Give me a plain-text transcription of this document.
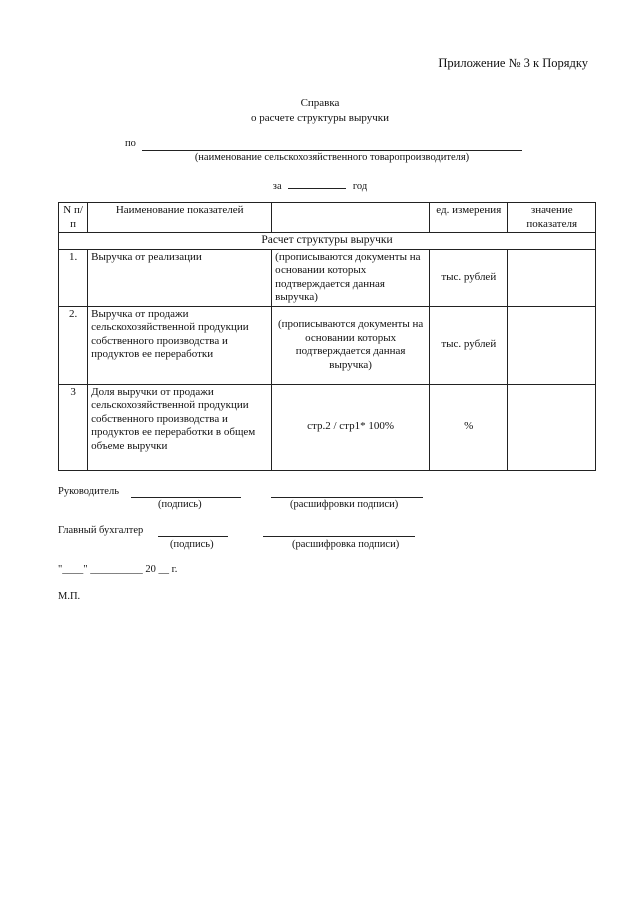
Приложение № 3 к Порядку
Справка
о расчете структуры выручки
по
(наименование сельскохозяйственного товаропроизводителя)
за	год
N п/п	Наименование показателей		ед. измерения	значение показателя
Расчет структуры выручки				
1.	Выручка от реализации	(прописываются документы на основании которых подтверждается данная выручка)	тыс. рублей	
2.	Выручка от продажи сельскохозяйственной продукции собственного производства и продуктов ее переработки	(прописываются документы на основании которых подтверждается данная выручка)	тыс. рублей	
3	Доля выручки от продажи сельскохозяйственной продукции собственного производства и продуктов ее переработки в общем объеме выручки	стр.2 / стр1* 100%	%	
Руководитель
(подпись)	(расшифровки подписи)
Главный бухгалтер
(подпись)	(расшифровка подписи)
"____" __________ 20 __ г.
М.П.
